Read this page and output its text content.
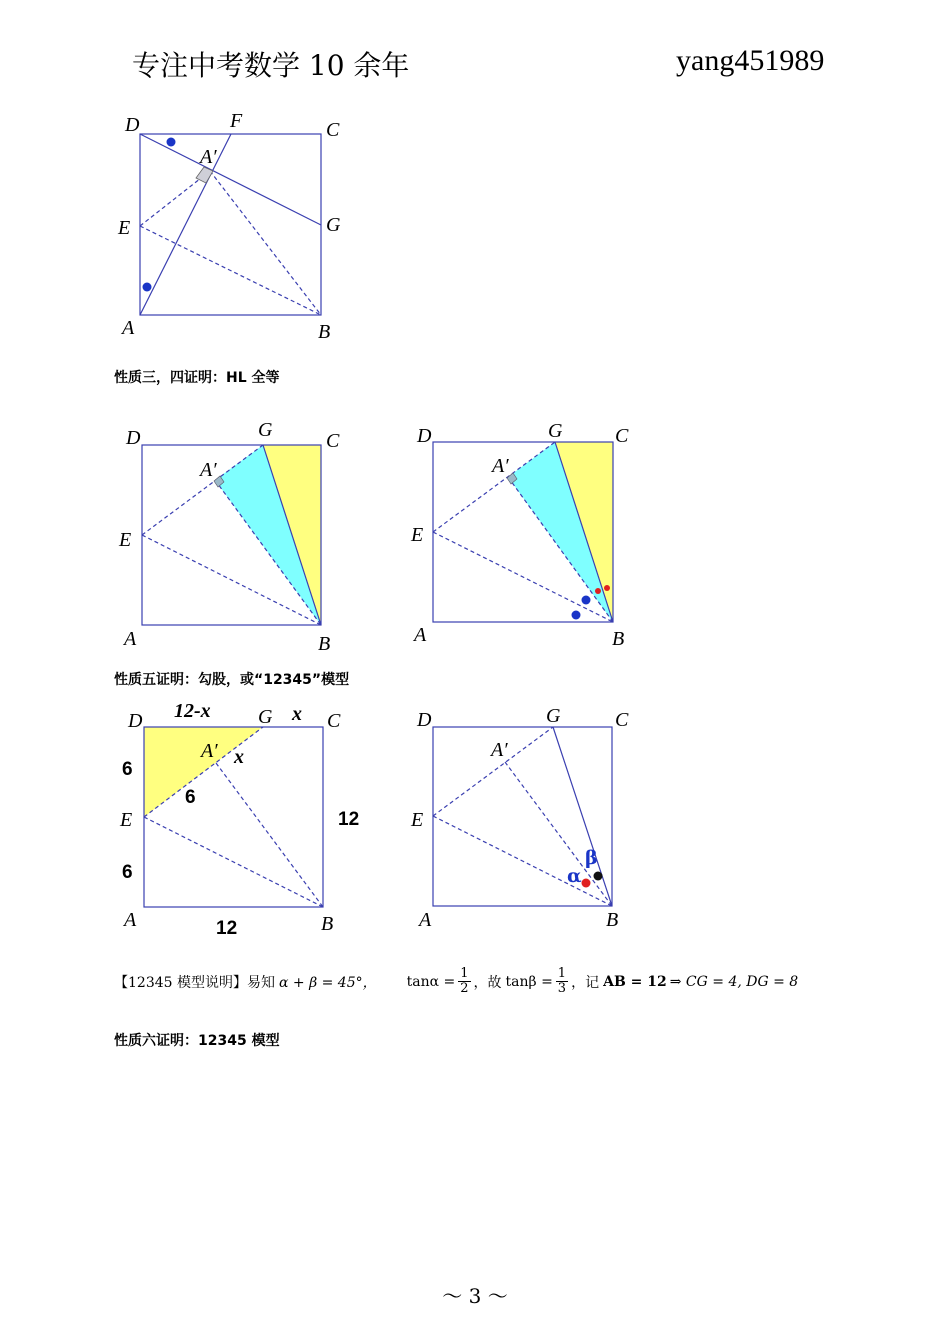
专注中考数学 10 余年	yang451989
D	F	C
A′
E	G
A	B
D	G	C
A′
E
A	B
D	G	C
A′
E
A	B
D	G	C
A′
E
A	B
12-x	x
x
6
6
6
12
12
D	G	C
A′
E
A	B
α
β
性质三，四证明：HL 全等
性质五证明：勾股，或“12345”模型
【12345 模型说明】易知 α + β = 45°， $\tan\alpha = \frac{1}{2}$ ，故 $\tan\beta = \frac{1}{3}$ ，记 AB = 12 ⇒ CG = 4, DG = 8
性质六证明：12345 模型
～ 3 ～
